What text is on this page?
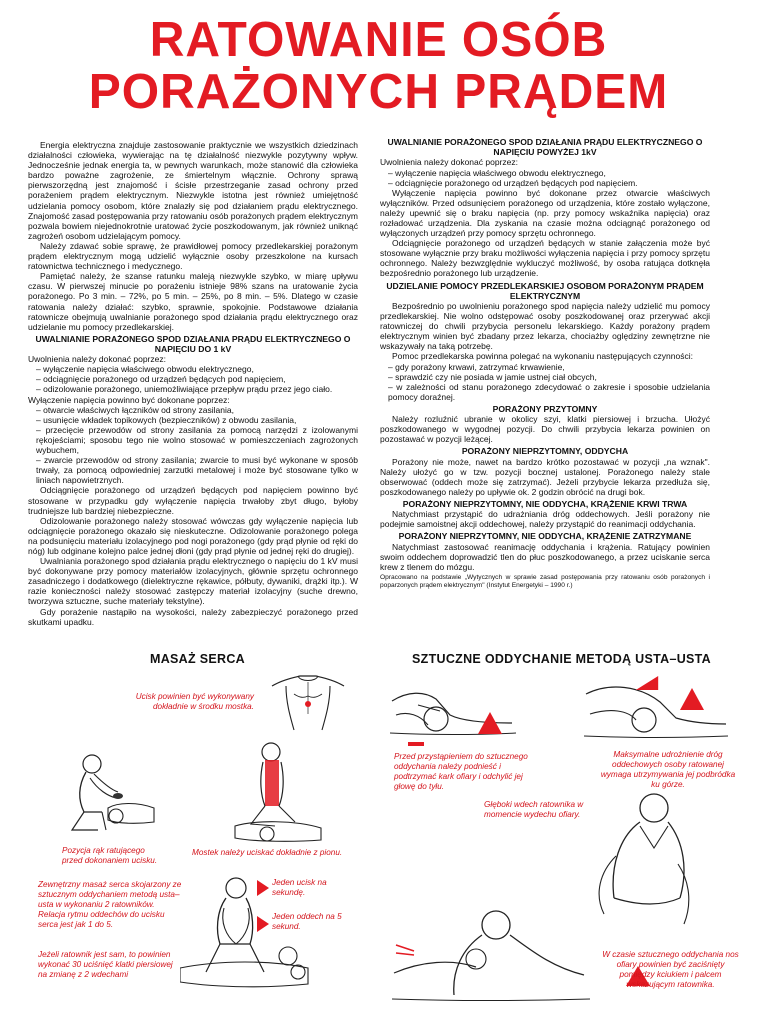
RATOWANIE OSÓB
PORAŻONYCH PRĄDEM

Energia elektryczna znajduje zastosowanie praktycznie we wszystkich dziedzinach działalności człowieka, wywierając na tę działalność niezwykle pozytywny wpływ. Jednocześnie jednak energia ta, w pewnych warunkach, może stanowić dla człowieka bardzo poważne zagrożenie, ze śmiertelnym włącznie. Ochrony sprawą pierwszorzędną jest znajomość i ścisłe przestrzeganie zasad ochrony przed porażeniem prądem elektrycznym. Niezwykle istotna jest również umiejętność udzielania pomocy osobom, które znalazły się pod działaniem prądu elektrycznego. Znajomość zasad postępowania przy ratowaniu osób porażonych prądem elektrycznym pozwala bowiem niejednokrotnie uratować życie poszkodowanym, jak również uniknąć zagrożeń osobom udzielającym pomocy.

Należy zdawać sobie sprawę, że prawidłowej pomocy przedlekarskiej porażonym prądem elektrycznym mogą udzielić wyłącznie osoby przeszkolone na kursach ratownictwa technicznego i medycznego.

Pamiętać należy, że szanse ratunku maleją niezwykle szybko, w miarę upływu czasu. W pierwszej minucie po porażeniu istnieje 98% szans na uratowanie życia porażonego. Po 3 min. – 72%, po 5 min. – 25%, po 8 min. – 5%. Dlatego w czasie ratowania należy działać: szybko, sprawnie, spokojnie. Podstawowe działania ratownicze obejmują uwalnianie porażonego spod działania prądu elektrycznego oraz udzielanie mu pomocy przedlekarskiej.

UWALNIANIE PORAŻONEGO SPOD DZIAŁANIA PRĄDU ELEKTRYCZNEGO O NAPIĘCIU DO 1 kV

Uwolnienia należy dokonać poprzez:

– wyłączenie napięcia właściwego obwodu elektrycznego,

– odciągnięcie porażonego od urządzeń będących pod napięciem,

– odizolowanie porażonego, uniemożliwiające przepływ prądu przez jego ciało.

Wyłączenie napięcia powinno być dokonane poprzez:

– otwarcie właściwych łączników od strony zasilania,

– usunięcie wkładek topikowych (bezpieczników) z obwodu zasilania,

– przecięcie przewodów od strony zasilania za pomocą narzędzi z izolowanymi rękojeściami; sposobu tego nie wolno stosować w pomieszczeniach zagrożonych wybuchem,

– zwarcie przewodów od strony zasilania; zwarcie to musi być wykonane w sposób trwały, za pomocą odpowiedniej zarzutki metalowej i może być stosowane tylko w liniach napowietrznych.

Odciągnięcie porażonego od urządzeń będących pod napięciem powinno być stosowane w przypadku gdy wyłączenie napięcia trwałoby zbyt długo, byłoby trudniejsze lub bardziej niebezpieczne.

Odizolowanie porażonego należy stosować wówczas gdy wyłączenie napięcia lub odciągnięcie porażonego okazało się nieskuteczne. Odizolowanie porażonego polega na podsunięciu materiału izolacyjnego pod nogi porażonego (gdy prąd płynie od ręki do nóg) lub odginane kolejno palce jednej dłoni (gdy prąd płynie od jednej ręki do drugiej).

Uwalniania porażonego spod działania prądu elektrycznego o napięciu do 1 kV musi być dokonywane przy pomocy materiałów izolacyjnych, głównie sprzętu ochronnego zasadniczego i dodatkowego (dielektryczne rękawice, półbuty, dywaniki, drążki itp.). W razie konieczności należy stosować zastępczy materiał izolacyjny (suche drewno, tworzywa sztuczne, suche materiały tekstylne).

Gdy porażenie nastąpiło na wysokości, należy zabezpieczyć porażonego przed skutkami upadku.

UWALNIANIE PORAŻONEGO SPOD DZIAŁANIA PRĄDU ELEKTRYCZNEGO O NAPIĘCIU POWYŻEJ 1kV

Uwolnienia należy dokonać poprzez:

– wyłączenie napięcia właściwego obwodu elektrycznego,

– odciągnięcie porażonego od urządzeń będących pod napięciem.

Wyłączenie napięcia powinno być dokonane przez otwarcie właściwych wyłączników. Przed odsunięciem porażonego od urządzenia, które zostało wyłączone, należy upewnić się o braku napięcia (np. przy pomocy wskaźnika napięcia) oraz rozładować urządzenia. Dla zyskania na czasie można odciągnąć porażonego od wyłączonych urządzeń przy pomocy sprzętu ochronnego.

Odciągnięcie porażonego od urządzeń będących w stanie załączenia może być stosowane wyłącznie przy braku możliwości wyłączenia napięcia i przy pomocy sprzętu ochronnego. Należy bezwzględnie wykluczyć możliwość, by osoba ratująca dotknęła bezpośrednio porażonego lub urządzenie.

UDZIELANIE POMOCY PRZEDLEKARSKIEJ OSOBOM PORAŻONYM PRĄDEM ELEKTRYCZNYM

Bezpośrednio po uwolnieniu porażonego spod napięcia należy udzielić mu pomocy przedlekarskiej. Nie wolno odstępować osoby poszkodowanej oraz przerywać akcji ratowniczej do chwili przybycia personelu lekarskiego. Każdy porażony prądem elektrycznym winien być zbadany przez lekarza, chociażby oględziny zewnętrzne nie wskazywały na taką potrzebę.

Pomoc przedlekarska powinna polegać na wykonaniu następujących czynności:

– gdy porażony krwawi, zatrzymać krwawienie,

– sprawdzić czy nie posiada w jamie ustnej ciał obcych,

– w zależności od stanu porażonego zdecydować o zakresie i sposobie udzielania pomocy doraźnej.

PORAŻONY PRZYTOMNY

Należy rozluźnić ubranie w okolicy szyi, klatki piersiowej i brzucha. Ułożyć poszkodowanego w wygodnej pozycji. Do chwili przybycia lekarza powinien on pozostawać w pozycji leżącej.

PORAŻONY NIEPRZYTOMNY, ODDYCHA

Porażony nie może, nawet na bardzo krótko pozostawać w pozycji „na wznak". Należy ułożyć go w tzw. pozycji bocznej ustalonej. Porażonego należy stale obserwować (oddech może się zatrzymać). Jeżeli przybycie lekarza przedłuża się, poszkodowanego należy po upływie ok. 2 godzin obrócić na drugi bok.

PORAŻONY NIEPRZYTOMNY, NIE ODDYCHA, KRĄŻENIE KRWI TRWA

Natychmiast przystąpić do udrażniania dróg oddechowych. Jeśli porażony nie podejmie samoistnej akcji oddechowej, należy przystąpić do reanimacji oddychania.

PORAŻONY NIEPRZYTOMNY, NIE ODDYCHA, KRĄŻENIE ZATRZYMANE

Natychmiast zastosować reanimację oddychania i krążenia. Ratujący powinien swoim oddechem doprowadzić tlen do płuc poszkodowanego, a przez uciskanie serca krew z tlenem do mózgu.

Opracowano na podstawie „Wytycznych w sprawie zasad postępowania przy ratowaniu osób porażonych i poparzonych prądem elektrycznym" (Instytut Energetyki – 1990 r.)

MASAŻ SERCA	SZTUCZNE ODDYCHANIE METODĄ USTA–USTA
Ucisk powinien być wykonywany dokładnie w środku mostka.
Pozycja rąk ratującego przed dokonaniem ucisku.
Mostek należy uciskać dokładnie z pionu.
Jeden ucisk na sekundę.
Jeden oddech na 5 sekund.
Zewnętrzny masaż serca skojarzony ze sztucznym oddychaniem metodą usta–usta w wykonaniu 2 ratowników. Relacja rytmu oddechów do ucisku serca jest jak 1 do 5.
Jeżeli ratownik jest sam, to powinien wykonać 30 uciśnięć klatki piersiowej na zmianę z 2 wdechami
Przed przystąpieniem do sztucznego oddychania należy podnieść i podtrzymać kark ofiary i odchylić jej głowę do tyłu.
Maksymalne udrożnienie dróg oddechowych osoby ratowanej wymaga utrzymywania jej podbródka ku górze.
Głęboki wdech ratownika w momencie wydechu ofiary.
W czasie sztucznego oddychania nos ofiary powinien być zaciśnięty pomiędzy kciukiem i palcem wskazującym ratownika.
